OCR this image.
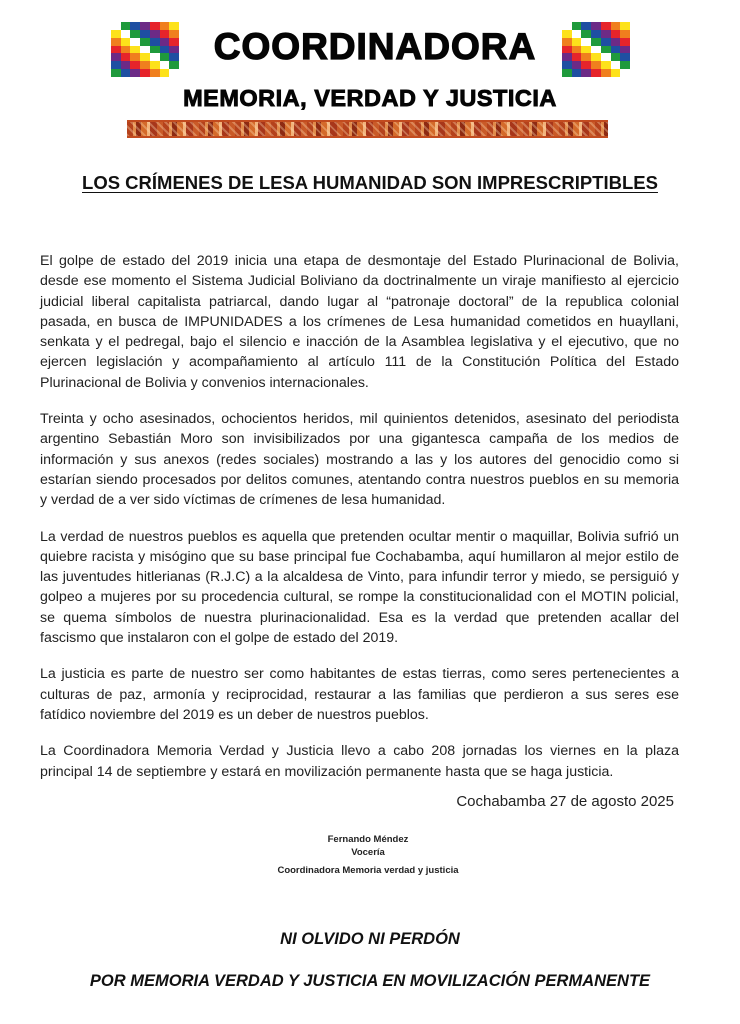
COORDINADORA
MEMORIA, VERDAD Y JUSTICIA
LOS CRÍMENES DE LESA HUMANIDAD SON IMPRESCRIPTIBLES

El golpe de estado del 2019 inicia una etapa de desmontaje del Estado Plurinacional de Bolivia, desde ese momento el Sistema Judicial Boliviano da doctrinalmente un viraje manifiesto al ejercicio judicial liberal capitalista patriarcal, dando lugar al “patronaje doctoral” de la republica colonial pasada, en busca de IMPUNIDADES a los crímenes de Lesa humanidad cometidos en huayllani, senkata y el pedregal, bajo el silencio e inacción de la Asamblea legislativa y el ejecutivo, que no ejercen legislación y acompañamiento al artículo 111 de la Constitución Política del Estado Plurinacional de Bolivia y convenios internacionales.

Treinta y ocho asesinados, ochocientos heridos, mil quinientos detenidos, asesinato del periodista argentino Sebastián Moro son invisibilizados por una gigantesca campaña de los medios de información y sus anexos (redes sociales) mostrando a las y los autores del genocidio como si estarían siendo procesados por delitos comunes, atentando contra nuestros pueblos en su memoria y verdad de a ver sido víctimas de crímenes de lesa humanidad.

La verdad de nuestros pueblos es aquella que pretenden ocultar mentir o maquillar, Bolivia sufrió un quiebre racista y misógino que su base principal fue Cochabamba, aquí humillaron al mejor estilo de las juventudes hitlerianas (R.J.C) a la alcaldesa de Vinto, para infundir terror y miedo, se persiguió y golpeo a mujeres por su procedencia cultural, se rompe la constitucionalidad con el MOTIN policial, se quema símbolos de nuestra plurinacionalidad. Esa es la verdad que pretenden acallar del fascismo que instalaron con el golpe de estado del 2019.

La justicia es parte de nuestro ser como habitantes de estas tierras, como seres pertenecientes a culturas de paz, armonía y reciprocidad, restaurar a las familias que perdieron a sus seres ese fatídico noviembre del 2019 es un deber de nuestros pueblos.

La Coordinadora Memoria Verdad y Justicia llevo a cabo 208 jornadas los viernes en la plaza principal 14 de septiembre y estará en movilización permanente hasta que se haga justicia.

Cochabamba 27 de agosto 2025
Fernando Méndez
Vocería
Coordinadora Memoria verdad y justicia
NI OLVIDO NI PERDÓN
POR MEMORIA VERDAD Y JUSTICIA EN MOVILIZACIÓN PERMANENTE
